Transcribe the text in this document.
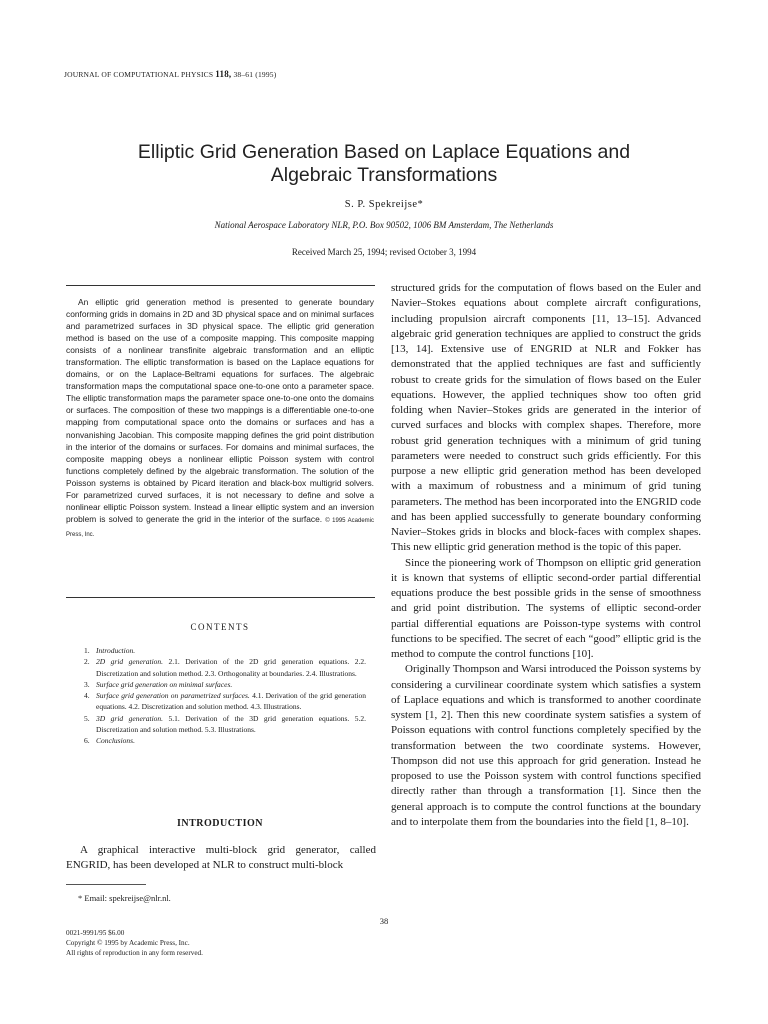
JOURNAL OF COMPUTATIONAL PHYSICS 118, 38–61 (1995)
Elliptic Grid Generation Based on Laplace Equations and
Algebraic Transformations
S. P. Spekreijse*
National Aerospace Laboratory NLR, P.O. Box 90502, 1006 BM Amsterdam, The Netherlands
Received March 25, 1994; revised October 3, 1994
An elliptic grid generation method is presented to generate boundary conforming grids in domains in 2D and 3D physical space and on minimal surfaces and parametrized surfaces in 3D physical space. The elliptic grid generation method is based on the use of a composite mapping. This composite mapping consists of a nonlinear transfinite algebraic transformation and an elliptic transformation. The elliptic transformation is based on the Laplace equations for domains, or on the Laplace-Beltrami equations for surfaces. The algebraic transformation maps the computational space one-to-one onto a parameter space. The elliptic transformation maps the parameter space one-to-one onto the domains or surfaces. The composition of these two mappings is a differentiable one-to-one mapping from computational space onto the domains or surfaces and has a nonvanishing Jacobian. This composite mapping defines the grid point distribution in the interior of the domains or surfaces. For domains and minimal surfaces, the composite mapping obeys a nonlinear elliptic Poisson system with control functions completely defined by the algebraic transformation. The solution of the Poisson systems is obtained by Picard iteration and black-box multigrid solvers. For parametrized curved surfaces, it is not necessary to define and solve a nonlinear elliptic Poisson system. Instead a linear elliptic system and an inversion problem is solved to generate the grid in the interior of the surface. © 1995 Academic Press, Inc.
CONTENTS
1. Introduction.
2. 2D grid generation. 2.1. Derivation of the 2D grid generation equations. 2.2. Discretization and solution method. 2.3. Orthogonality at boundaries. 2.4. Illustrations.
3. Surface grid generation on minimal surfaces.
4. Surface grid generation on parametrized surfaces. 4.1. Derivation of the grid generation equations. 4.2. Discretization and solution method. 4.3. Illustrations.
5. 3D grid generation. 5.1. Derivation of the 3D grid generation equations. 5.2. Discretization and solution method. 5.3. Illustrations.
6. Conclusions.
INTRODUCTION
A graphical interactive multi-block grid generator, called ENGRID, has been developed at NLR to construct multi-block
* Email: spekreijse@nlr.nl.
38
0021-9991/95 $6.00
Copyright © 1995 by Academic Press, Inc.
All rights of reproduction in any form reserved.

structured grids for the computation of flows based on the Euler and Navier–Stokes equations about complete aircraft configurations, including propulsion aircraft components [11, 13–15]. Advanced algebraic grid generation techniques are applied to construct the grids [13, 14]. Extensive use of ENGRID at NLR and Fokker has demonstrated that the applied techniques are fast and sufficiently robust to create grids for the simulation of flows based on the Euler equations. However, the applied techniques show too often grid folding when Navier–Stokes grids are generated in the interior of curved surfaces and blocks with complex shapes. Therefore, more robust grid generation techniques with a minimum of grid tuning parameters were needed to construct such grids efficiently. For this purpose a new elliptic grid generation method has been developed with a maximum of robustness and a minimum of grid tuning parameters. The method has been incorporated into the ENGRID code and has been applied successfully to generate boundary conforming Navier–Stokes grids in blocks and block-faces with complex shapes. This new elliptic grid generation method is the topic of this paper.

Since the pioneering work of Thompson on elliptic grid generation it is known that systems of elliptic second-order partial differential equations produce the best possible grids in the sense of smoothness and grid point distribution. The systems of elliptic second-order partial differential equations are Poisson-type systems with control functions to be specified. The secret of each “good” elliptic grid is the method to compute the control functions [10].

Originally Thompson and Warsi introduced the Poisson systems by considering a curvilinear coordinate system which satisfies a system of Laplace equations and which is transformed to another coordinate system [1, 2]. Then this new coordinate system satisfies a system of Poisson equations with control functions completely specified by the transformation between the two coordinate systems. However, Thompson did not use this approach for grid generation. Instead he proposed to use the Poisson system with control functions specified directly rather than through a transformation [1]. Since then the general approach is to compute the control functions at the boundary and to interpolate them from the boundaries into the field [1, 8–10].
